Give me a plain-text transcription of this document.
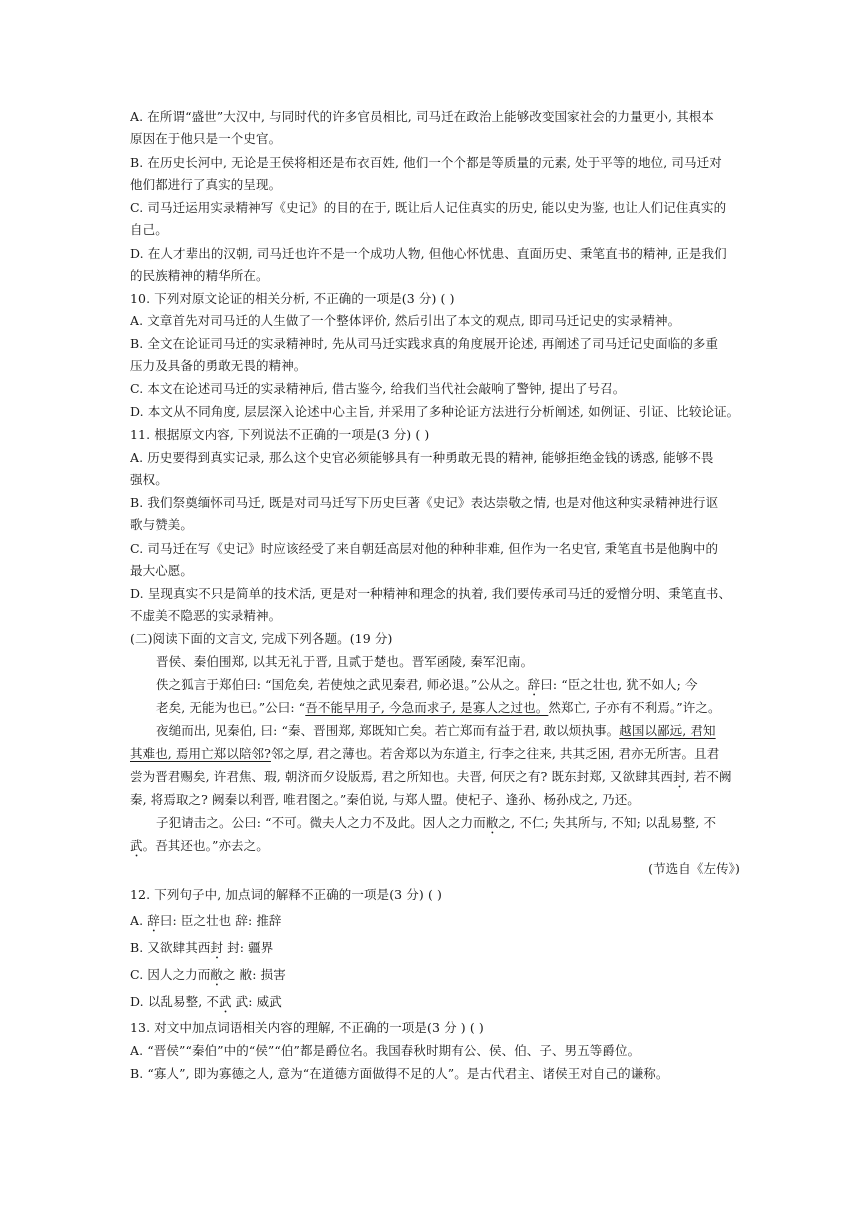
A. 在所谓“盛世”大汉中, 与同时代的许多官员相比, 司马迁在政治上能够改变国家社会的力量更小, 其根本
原因在于他只是一个史官。
B. 在历史长河中, 无论是王侯将相还是布衣百姓, 他们一个个都是等质量的元素, 处于平等的地位, 司马迁对
他们都进行了真实的呈现。
C. 司马迁运用实录精神写《史记》的目的在于, 既让后人记住真实的历史, 能以史为鉴, 也让人们记住真实的
自己。
D. 在人才辈出的汉朝, 司马迁也许不是一个成功人物, 但他心怀忧患、直面历史、秉笔直书的精神, 正是我们
的民族精神的精华所在。
10. 下列对原文论证的相关分析, 不正确的一项是(3 分) ( )
A. 文章首先对司马迁的人生做了一个整体评价, 然后引出了本文的观点, 即司马迁记史的实录精神。
B. 全文在论证司马迁的实录精神时, 先从司马迁实践求真的角度展开论述, 再阐述了司马迁记史面临的多重
压力及具备的勇敢无畏的精神。
C. 本文在论述司马迁的实录精神后, 借古鉴今, 给我们当代社会敲响了警钟, 提出了号召。
D. 本文从不同角度, 层层深入论述中心主旨, 并采用了多种论证方法进行分析阐述, 如例证、引证、比较论证。
11. 根据原文内容, 下列说法不正确的一项是(3 分) ( )
A. 历史要得到真实记录, 那么这个史官必须能够具有一种勇敢无畏的精神, 能够拒绝金钱的诱惑, 能够不畏
强权。
B. 我们祭奠缅怀司马迁, 既是对司马迁写下历史巨著《史记》表达崇敬之情, 也是对他这种实录精神进行讴
歌与赞美。
C. 司马迁在写《史记》时应该经受了来自朝廷高层对他的种种非难, 但作为一名史官, 秉笔直书是他胸中的
最大心愿。
D. 呈现真实不只是简单的技术活, 更是对一种精神和理念的执着, 我们要传承司马迁的爱憎分明、秉笔直书、
不虚美不隐恶的实录精神。
(二)阅读下面的文言文, 完成下列各题。(19 分)
晋侯、秦伯围郑, 以其无礼于晋, 且贰于楚也。晋军函陵, 秦军氾南。
佚之狐言于郑伯曰: “国危矣, 若使烛之武见秦君, 师必退。”公从之。辞曰: “臣之壮也, 犹不如人; 今
老矣, 无能为也已。”公曰: “吾不能早用子, 今急而求子, 是寡人之过也。然郑亡, 子亦有不利焉。”许之。
夜缒而出, 见秦伯, 曰: “秦、晋围郑, 郑既知亡矣。若亡郑而有益于君, 敢以烦执事。越国以鄙远, 君知
其难也, 焉用亡郑以陪邻?邻之厚, 君之薄也。若舍郑以为东道主, 行李之往来, 共其乏困, 君亦无所害。且君
尝为晋君赐矣, 许君焦、瑕, 朝济而夕设版焉, 君之所知也。夫晋, 何厌之有? 既东封郑, 又欲肆其西封, 若不阙
秦, 将焉取之? 阙秦以利晋, 唯君图之。”秦伯说, 与郑人盟。使杞子、逢孙、杨孙戍之, 乃还。
子犯请击之。公曰: “不可。微夫人之力不及此。因人之力而敝之, 不仁; 失其所与, 不知; 以乱易整, 不
武。吾其还也。”亦去之。
(节选自《左传》)
12. 下列句子中, 加点词的解释不正确的一项是(3 分) ( )
A. 辞曰: 臣之壮也 辞: 推辞
B. 又欲肆其西封 封: 疆界
C. 因人之力而敝之 敝: 损害
D. 以乱易整, 不武 武: 威武
13. 对文中加点词语相关内容的理解, 不正确的一项是(3 分 ) ( )
A. “晋侯”“秦伯”中的“侯”“伯”都是爵位名。我国春秋时期有公、侯、伯、子、男五等爵位。
B. “寡人”, 即为寡德之人, 意为“在道德方面做得不足的人”。是古代君主、诸侯王对自己的谦称。
